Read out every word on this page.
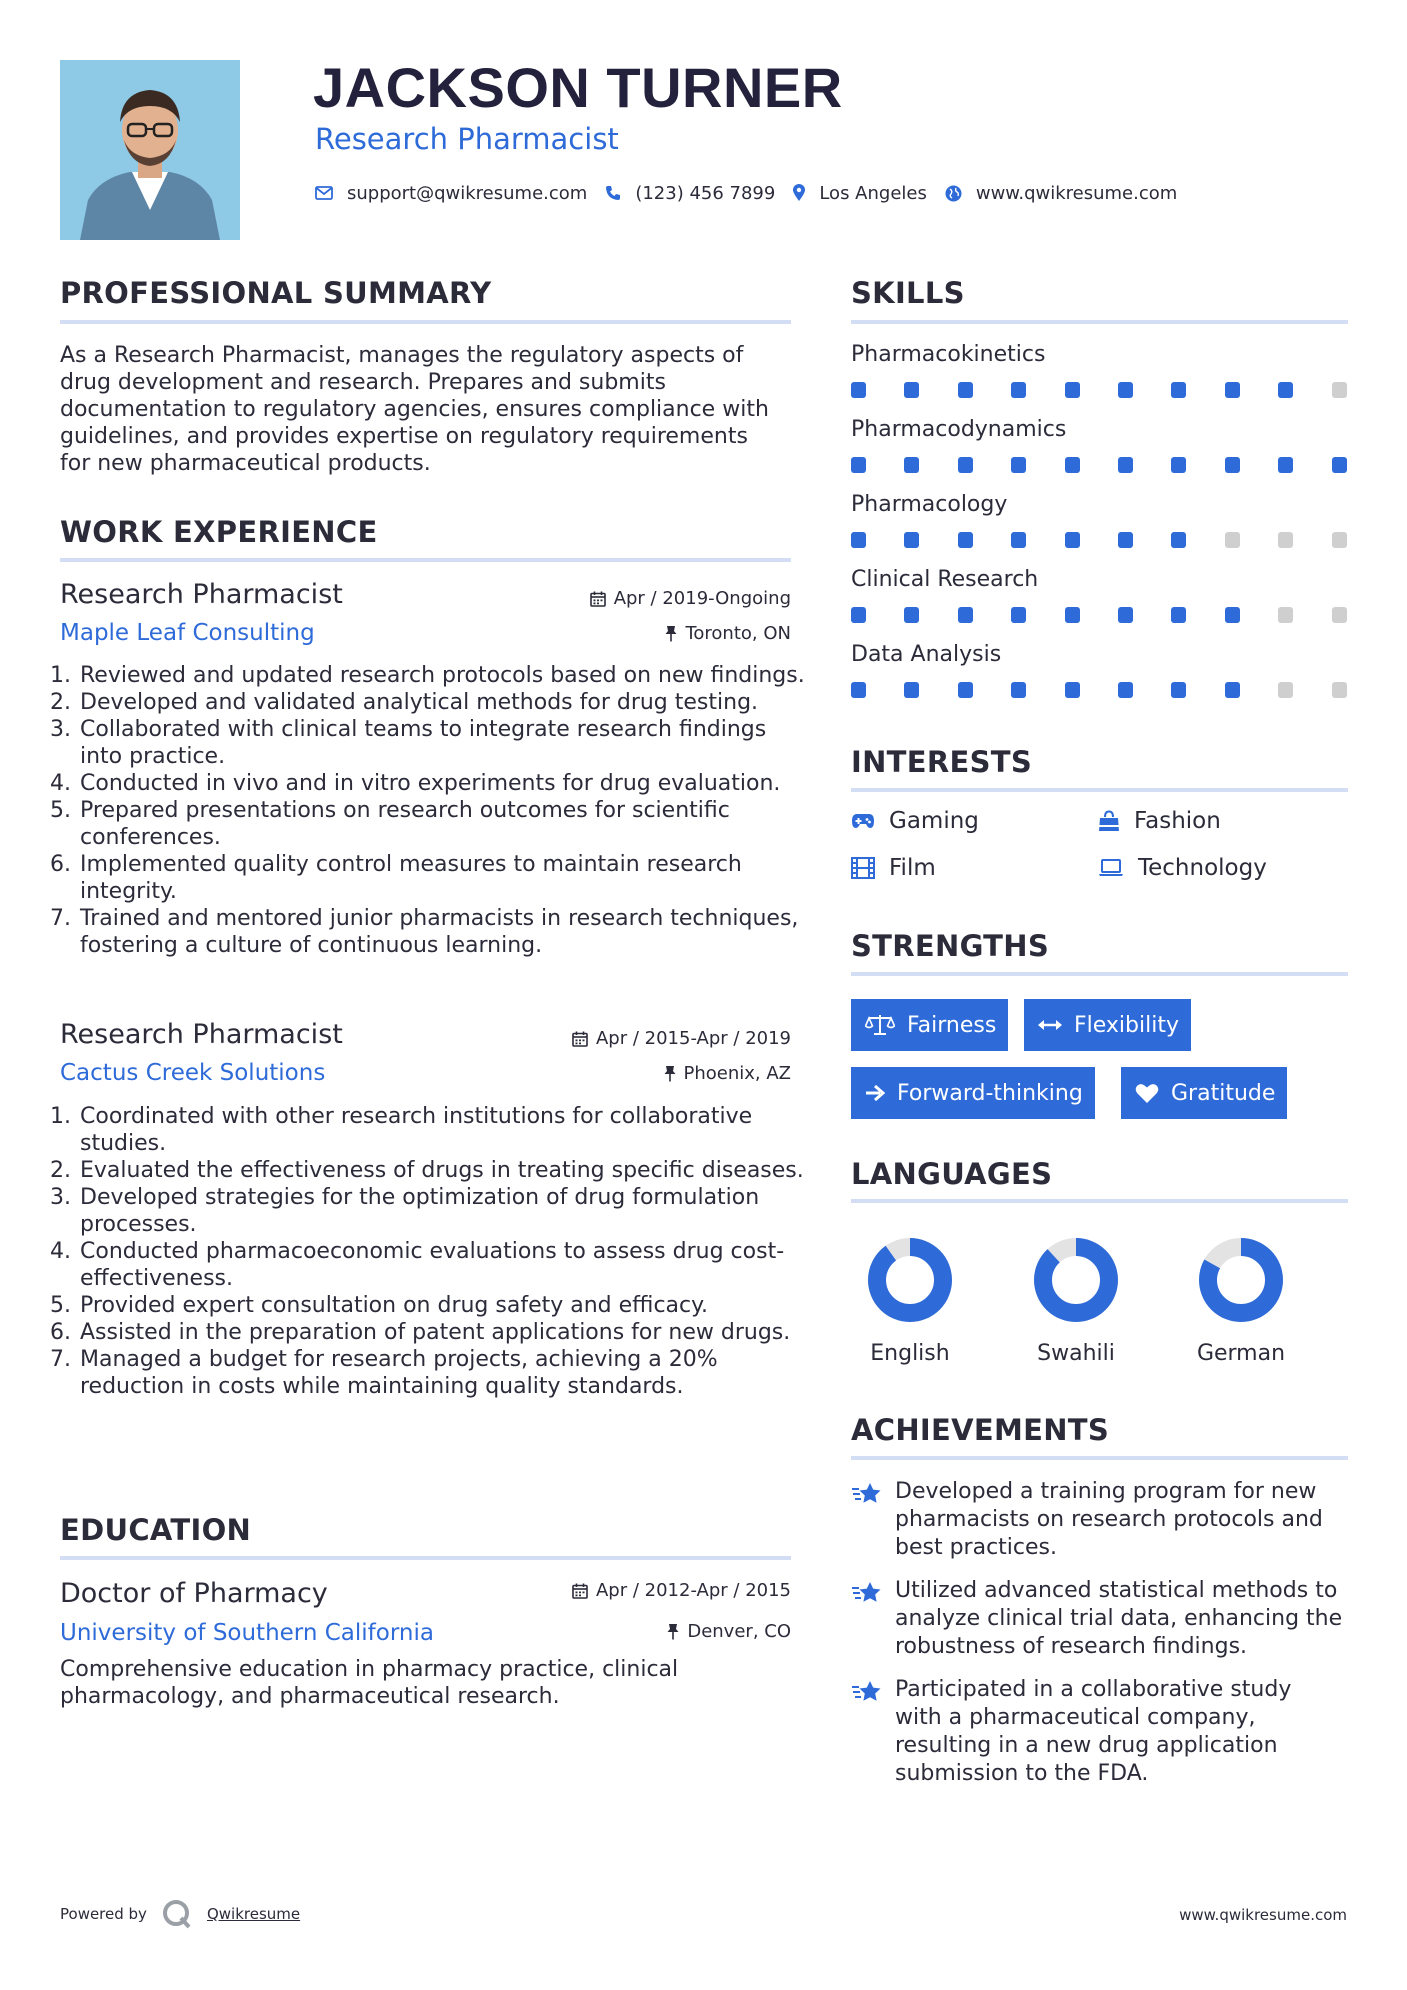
JACKSON TURNER
Research Pharmacist
support@qwikresume.com	(123) 456 7899 Los Angeles	www.qwikresume.com
PROFESSIONAL SUMMARY
As a Research Pharmacist, manages the regulatory aspects of
drug development and research. Prepares and submits
documentation to regulatory agencies, ensures compliance with
guidelines, and provides expertise on regulatory requirements
for new pharmaceutical products.
WORK EXPERIENCE
Research Pharmacist
Maple Leaf Consulting
Apr / 2019-Ongoing
Toronto, ON
1. Reviewed and updated research protocols based on new findings.
2. Developed and validated analytical methods for drug testing.
3. Collaborated with clinical teams to integrate research findings into practice.
4. Conducted in vivo and in vitro experiments for drug evaluation.
5. Prepared presentations on research outcomes for scientific conferences.
6. Implemented quality control measures to maintain research integrity.
7. Trained and mentored junior pharmacists in research techniques, fostering a culture of continuous learning.
Research Pharmacist
Cactus Creek Solutions
Apr / 2015-Apr / 2019
Phoenix, AZ
1. Coordinated with other research institutions for collaborative studies.
2. Evaluated the effectiveness of drugs in treating specific diseases.
3. Developed strategies for the optimization of drug formulation processes.
4. Conducted pharmacoeconomic evaluations to assess drug cost-effectiveness.
5. Provided expert consultation on drug safety and efficacy.
6. Assisted in the preparation of patent applications for new drugs.
7. Managed a budget for research projects, achieving a 20% reduction in costs while maintaining quality standards.
EDUCATION
Doctor of Pharmacy
University of Southern California
Apr / 2012-Apr / 2015
Denver, CO
Comprehensive education in pharmacy practice, clinical
pharmacology, and pharmaceutical research.
SKILLS
Pharmacokinetics
Pharmacodynamics
Pharmacology
Clinical Research
Data Analysis
INTERESTS
Gaming	Fashion
Film	Technology
STRENGTHS
Fairness	Flexibility
Forward-thinking	Gratitude
LANGUAGES
English	Swahili	German
ACHIEVEMENTS
Developed a training program for new
pharmacists on research protocols and
best practices.
Utilized advanced statistical methods to
analyze clinical trial data, enhancing the
robustness of research findings.
Participated in a collaborative study
with a pharmaceutical company,
resulting in a new drug application
submission to the FDA.
Powered by	Qwikresume	www.qwikresume.com
